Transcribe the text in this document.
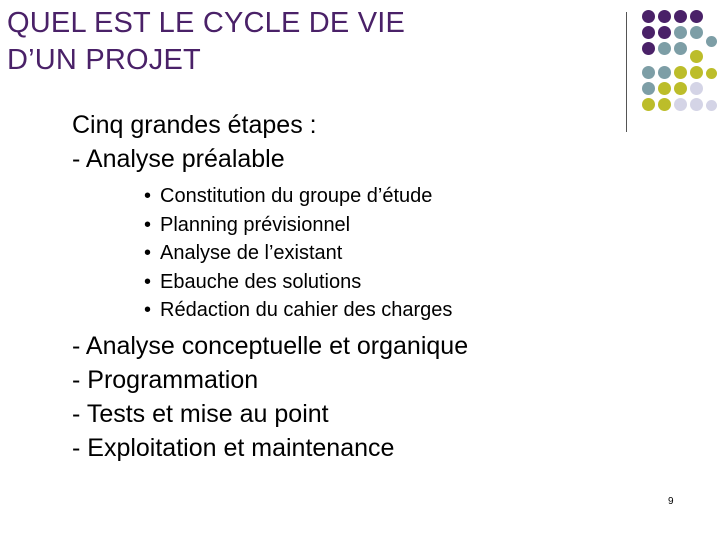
QUEL EST LE CYCLE DE VIE
D’UN PROJET
Cinq grandes étapes :
- Analyse préalable
• Constitution du groupe d’étude
• Planning prévisionnel
• Analyse de l’existant
• Ebauche des solutions
• Rédaction du cahier des charges
- Analyse conceptuelle et organique
- Programmation
- Tests et mise au point
- Exploitation et maintenance
9
